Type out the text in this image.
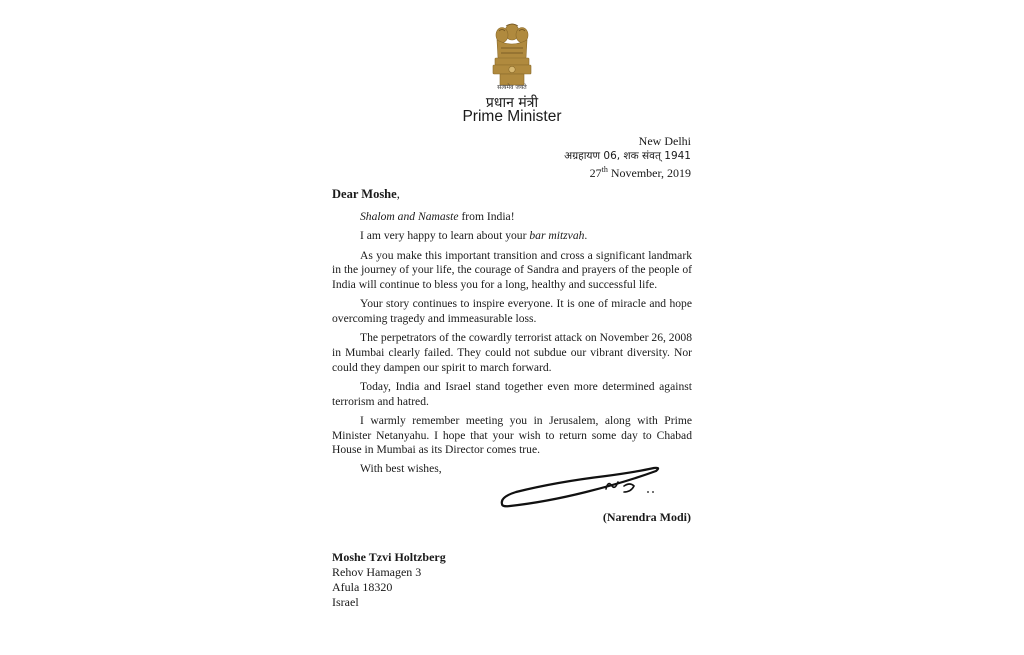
सत्यमेव जयते
प्रधान मंत्री
Prime Minister
New Delhi
अग्रहायण 06, शक संवत् 1941
27th November, 2019
Dear Moshe,

Shalom and Namaste from India!

I am very happy to learn about your bar mitzvah.

As you make this important transition and cross a significant landmark in the journey of your life, the courage of Sandra and prayers of the people of India will continue to bless you for a long, healthy and successful life.

Your story continues to inspire everyone. It is one of miracle and hope overcoming tragedy and immeasurable loss.

The perpetrators of the cowardly terrorist attack on November 26, 2008 in Mumbai clearly failed. They could not subdue our vibrant diversity. Nor could they dampen our spirit to march forward.

Today, India and Israel stand together even more determined against terrorism and hatred.

I warmly remember meeting you in Jerusalem, along with Prime Minister Netanyahu. I hope that your wish to return some day to Chabad House in Mumbai as its Director comes true.

With best wishes,

(Narendra Modi)
Moshe Tzvi Holtzberg
Rehov Hamagen 3
Afula 18320
Israel
